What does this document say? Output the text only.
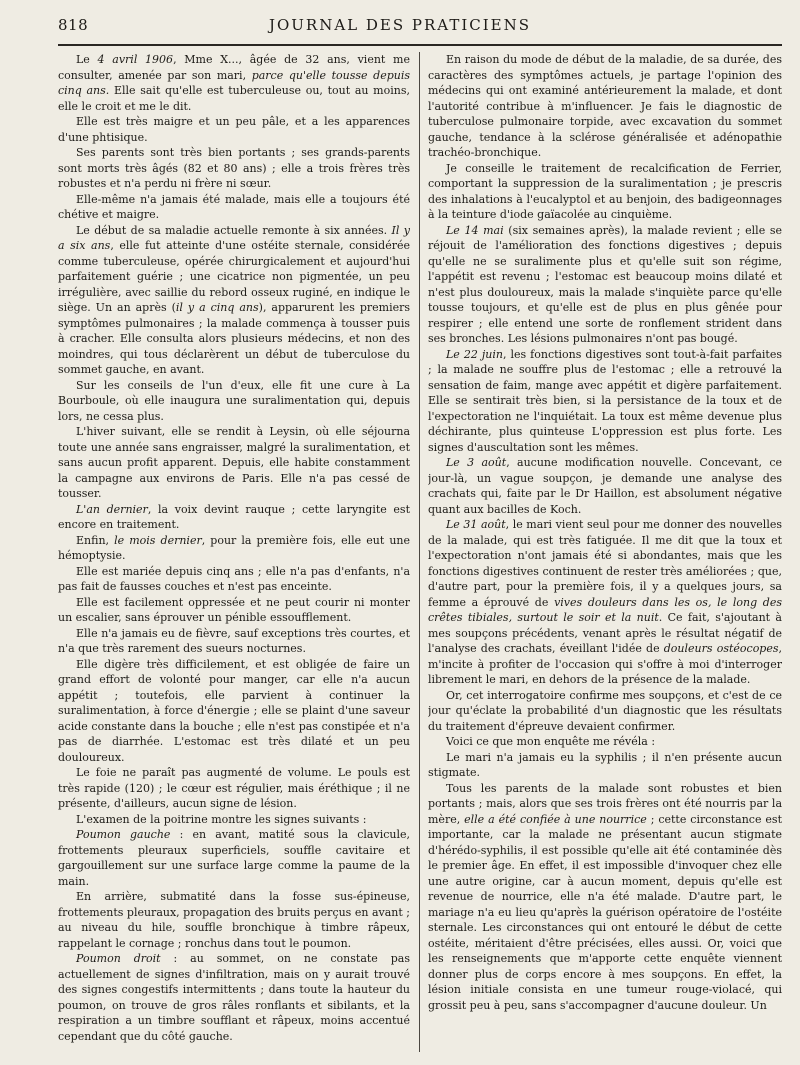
818	JOURNAL DES PRATICIENS

Le 4 avril 1906, Mme X..., âgée de 32 ans, vient me consulter, amenée par son mari, parce qu'elle tousse depuis cinq ans. Elle sait qu'elle est tuberculeuse ou, tout au moins, elle le croit et me le dit.

Elle est très maigre et un peu pâle, et a les apparences d'une phtisique.

Ses parents sont très bien portants ; ses grands-parents sont morts très âgés (82 et 80 ans) ; elle a trois frères très robustes et n'a perdu ni frère ni sœur.

Elle-même n'a jamais été malade, mais elle a toujours été chétive et maigre.

Le début de sa maladie actuelle remonte à six années. Il y a six ans, elle fut atteinte d'une ostéite sternale, considérée comme tuberculeuse, opérée chirurgicalement et aujourd'hui parfaitement guérie ; une cicatrice non pigmentée, un peu irrégulière, avec saillie du rebord osseux ruginé, en indique le siège. Un an après (il y a cinq ans), apparurent les premiers symptômes pulmonaires ; la malade commença à tousser puis à cracher. Elle consulta alors plusieurs médecins, et non des moindres, qui tous déclarèrent un début de tuberculose du sommet gauche, en avant.

Sur les conseils de l'un d'eux, elle fit une cure à La Bourboule, où elle inaugura une suralimentation qui, depuis lors, ne cessa plus.

L'hiver suivant, elle se rendit à Leysin, où elle séjourna toute une année sans engraisser, malgré la suralimentation, et sans aucun profit apparent. Depuis, elle habite constamment la campagne aux environs de Paris. Elle n'a pas cessé de tousser.

L'an dernier, la voix devint rauque ; cette laryngite est encore en traitement.

Enfin, le mois dernier, pour la première fois, elle eut une hémoptysie.

Elle est mariée depuis cinq ans ; elle n'a pas d'enfants, n'a pas fait de fausses couches et n'est pas enceinte.

Elle est facilement oppressée et ne peut courir ni monter un escalier, sans éprouver un pénible essoufflement.

Elle n'a jamais eu de fièvre, sauf exceptions très courtes, et n'a que très rarement des sueurs nocturnes.

Elle digère très difficilement, et est obligée de faire un grand effort de volonté pour manger, car elle n'a aucun appétit ; toutefois, elle parvient à continuer la suralimentation, à force d'énergie ; elle se plaint d'une saveur acide constante dans la bouche ; elle n'est pas constipée et n'a pas de diarrhée. L'estomac est très dilaté et un peu douloureux.

Le foie ne paraît pas augmenté de volume. Le pouls est très rapide (120) ; le cœur est régulier, mais éréthique ; il ne présente, d'ailleurs, aucun signe de lésion.

L'examen de la poitrine montre les signes suivants :

Poumon gauche : en avant, matité sous la clavicule, frottements pleuraux superficiels, souffle cavitaire et gargouillement sur une surface large comme la paume de la main.

En arrière, submatité dans la fosse sus-épineuse, frottements pleuraux, propagation des bruits perçus en avant ; au niveau du hile, souffle bronchique à timbre râpeux, rappelant le cornage ; ronchus dans tout le poumon.

Poumon droit : au sommet, on ne constate pas actuellement de signes d'infiltration, mais on y aurait trouvé des signes congestifs intermittents ; dans toute la hauteur du poumon, on trouve de gros râles ronflants et sibilants, et la respiration a un timbre soufflant et râpeux, moins accentué cependant que du côté gauche.

En raison du mode de début de la maladie, de sa durée, des caractères des symptômes actuels, je partage l'opinion des médecins qui ont examiné antérieurement la malade, et dont l'autorité contribue à m'influencer. Je fais le diagnostic de tuberculose pulmonaire torpide, avec excavation du sommet gauche, tendance à la sclérose généralisée et adénopathie trachéo-bronchique.

Je conseille le traitement de recalcification de Ferrier, comportant la suppression de la suralimentation ; je prescris des inhalations à l'eucalyptol et au benjoin, des badigeonnages à la teinture d'iode gaïacolée au cinquième.

Le 14 mai (six semaines après), la malade revient ; elle se réjouit de l'amélioration des fonctions digestives ; depuis qu'elle ne se suralimente plus et qu'elle suit son régime, l'appétit est revenu ; l'estomac est beaucoup moins dilaté et n'est plus douloureux, mais la malade s'inquiète parce qu'elle tousse toujours, et qu'elle est de plus en plus gênée pour respirer ; elle entend une sorte de ronflement strident dans ses bronches. Les lésions pulmonaires n'ont pas bougé.

Le 22 juin, les fonctions digestives sont tout-à-fait parfaites ; la malade ne souffre plus de l'estomac ; elle a retrouvé la sensation de faim, mange avec appétit et digère parfaitement. Elle se sentirait très bien, si la persistance de la toux et de l'expectoration ne l'inquiétait. La toux est même devenue plus déchirante, plus quinteuse L'oppression est plus forte. Les signes d'auscultation sont les mêmes.

Le 3 août, aucune modification nouvelle. Concevant, ce jour-là, un vague soupçon, je demande une analyse des crachats qui, faite par le Dr Haillon, est absolument négative quant aux bacilles de Koch.

Le 31 août, le mari vient seul pour me donner des nouvelles de la malade, qui est très fatiguée. Il me dit que la toux et l'expectoration n'ont jamais été si abondantes, mais que les fonctions digestives continuent de rester très améliorées ; que, d'autre part, pour la première fois, il y a quelques jours, sa femme a éprouvé de vives douleurs dans les os, le long des crêtes tibiales, surtout le soir et la nuit. Ce fait, s'ajoutant à mes soupçons précédents, venant après le résultat négatif de l'analyse des crachats, éveillant l'idée de douleurs ostéocopes, m'incite à profiter de l'occasion qui s'offre à moi d'interroger librement le mari, en dehors de la présence de la malade.

Or, cet interrogatoire confirme mes soupçons, et c'est de ce jour qu'éclate la probabilité d'un diagnostic que les résultats du traitement d'épreuve devaient confirmer.

Voici ce que mon enquête me révéla :

Le mari n'a jamais eu la syphilis ; il n'en présente aucun stigmate.

Tous les parents de la malade sont robustes et bien portants ; mais, alors que ses trois frères ont été nourris par la mère, elle a été confiée à une nourrice ; cette circonstance est importante, car la malade ne présentant aucun stigmate d'hérédo-syphilis, il est possible qu'elle ait été contaminée dès le premier âge. En effet, il est impossible d'invoquer chez elle une autre origine, car à aucun moment, depuis qu'elle est revenue de nourrice, elle n'a été malade. D'autre part, le mariage n'a eu lieu qu'après la guérison opératoire de l'ostéite sternale. Les circonstances qui ont entouré le début de cette ostéite, méritaient d'être précisées, elles aussi. Or, voici que les renseignements que m'apporte cette enquête viennent donner plus de corps encore à mes soupçons. En effet, la lésion initiale consista en une tumeur rouge-violacé, qui grossit peu à peu, sans s'accompagner d'aucune douleur. Un
